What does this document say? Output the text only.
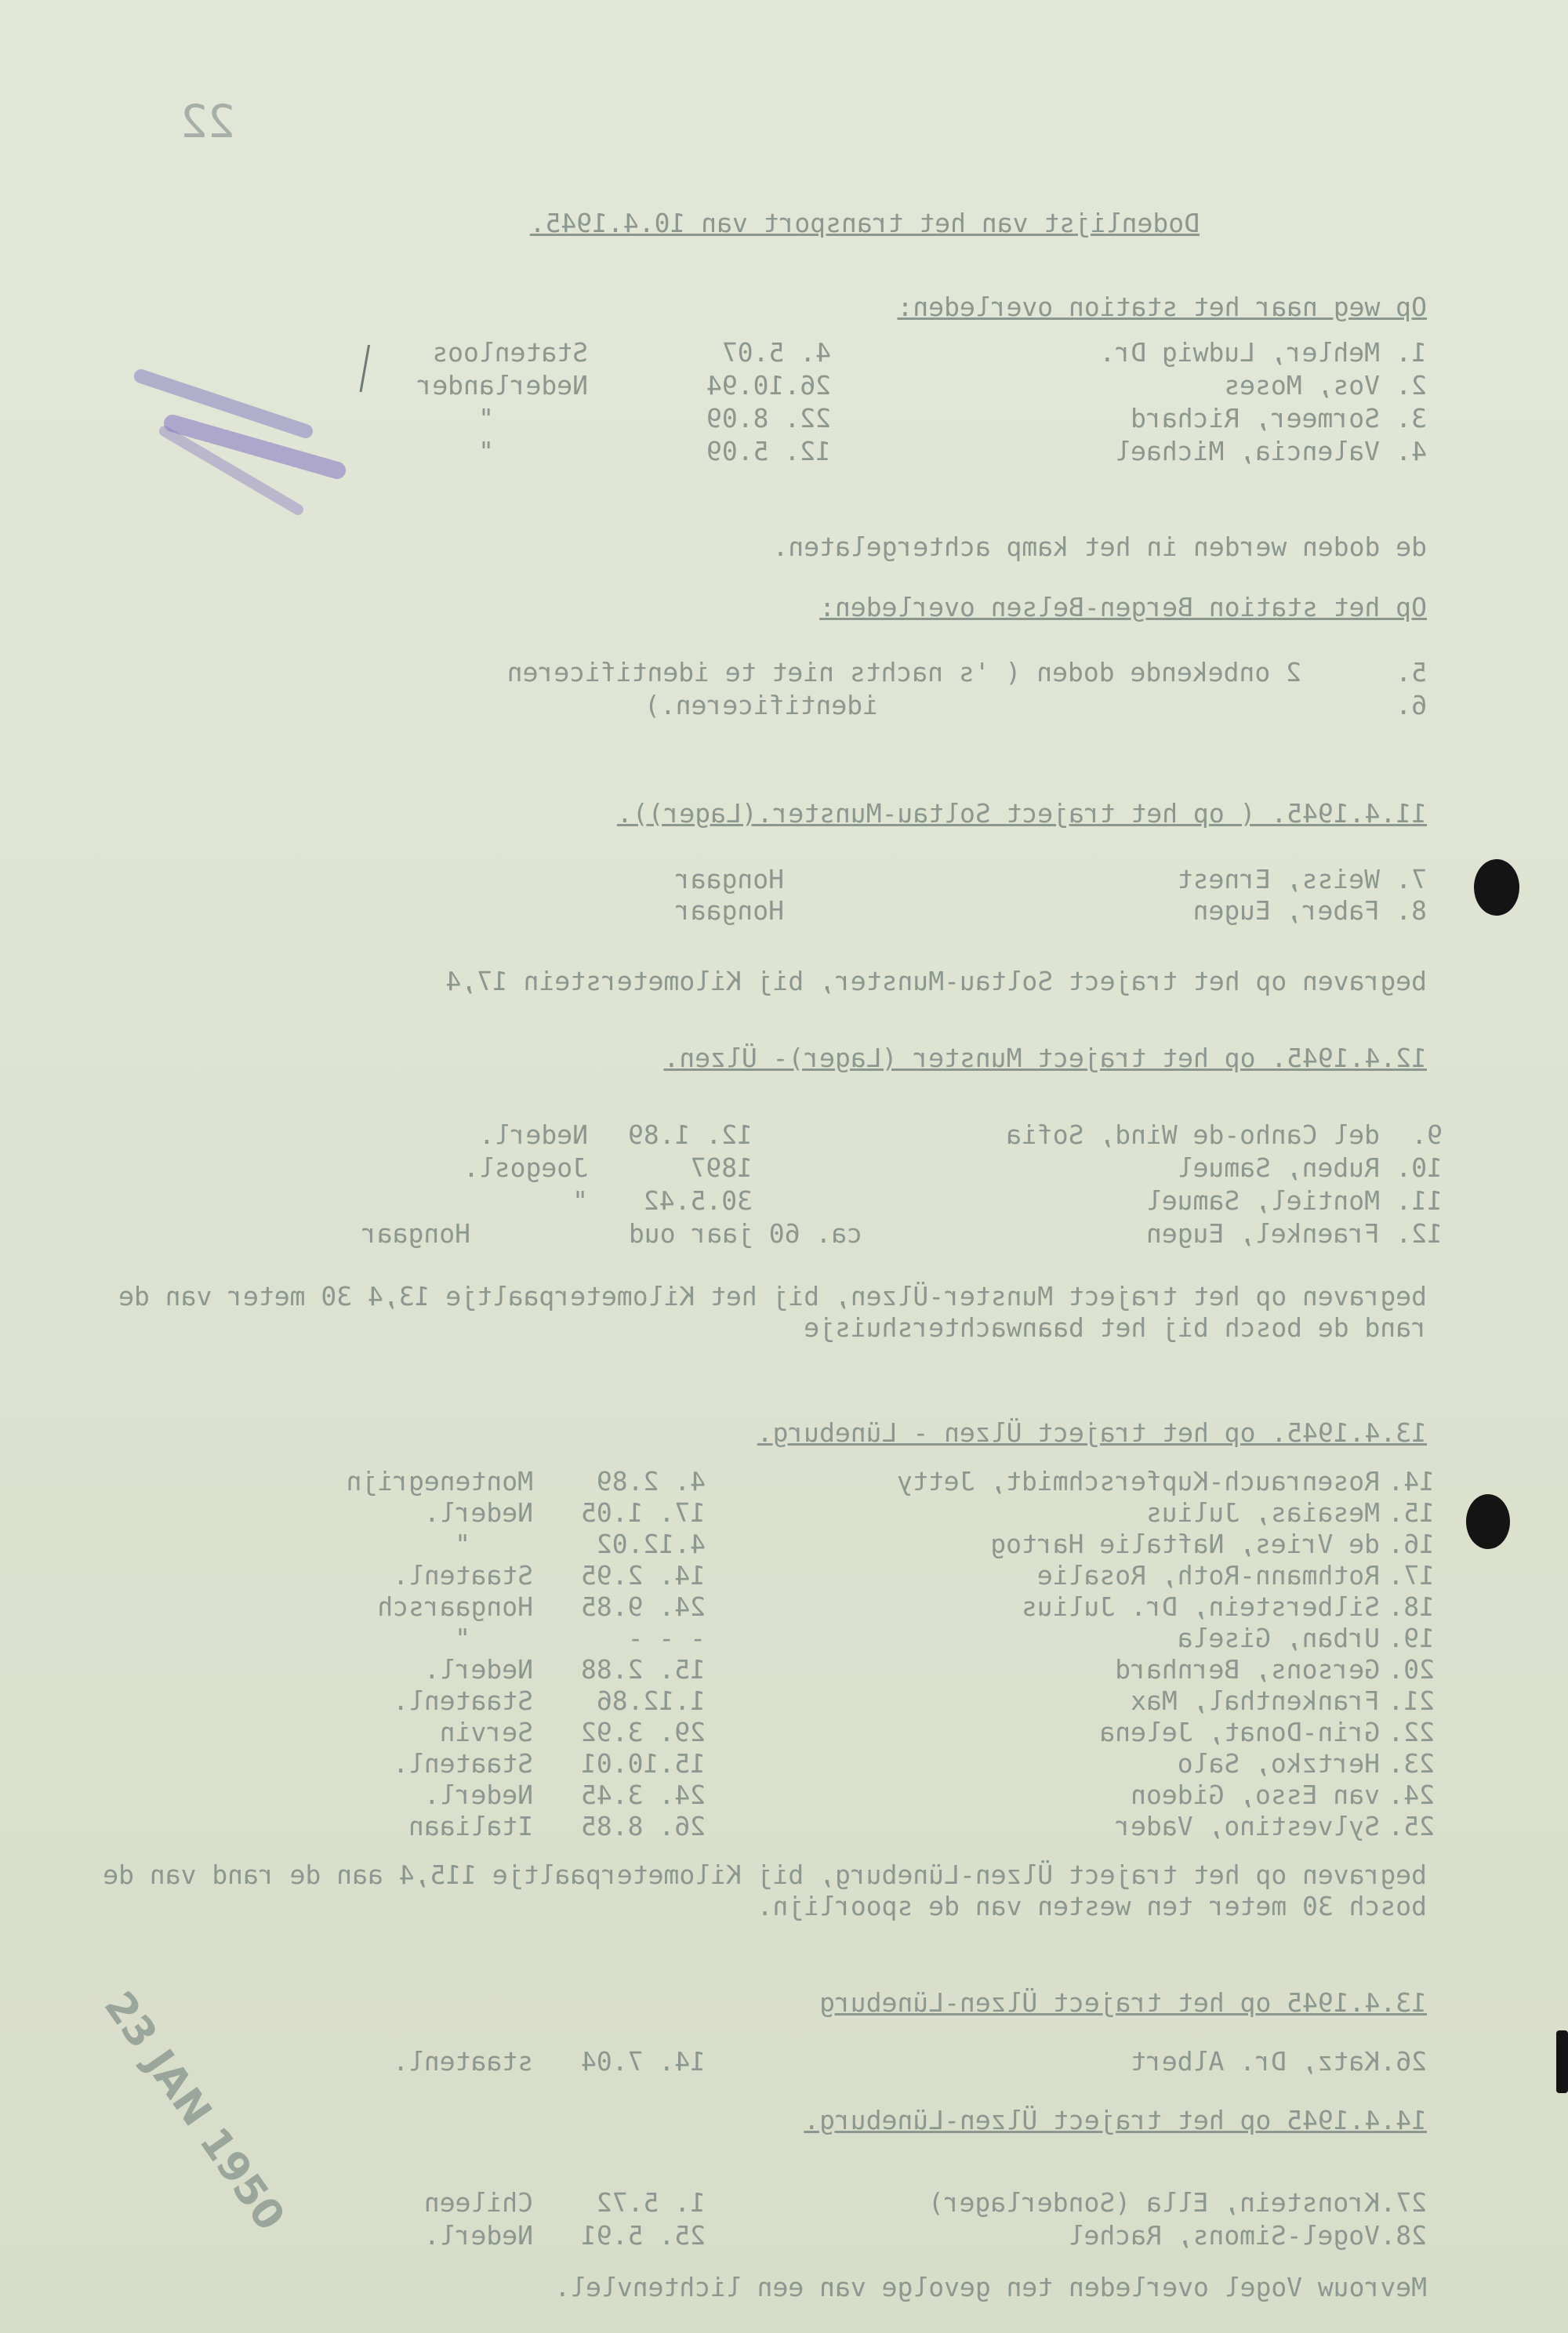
22
Dodenlijst van het transport van 10.4.1945.
Op weg naar het station overleden:
1.
Mehler, Ludwig Dr.
4. 5.07
Statenloos
2.
Vos, Moses
26.10.94
Nederlander
3.
Sormeer, Richard
22. 8.09
"
4.
Valencia, Michael
12. 5.09
"
de doden werden in het kamp achtergelaten.
Op het station Bergen-Belsen overleden:
5.
2 onbekende doden ( 's nachts niet te identificeren
6.
identificeren.)
11.4.1945. ( op het traject Soltau-Munster.(Lager)).
7.
Weiss, Ernest
Hongaar
8.
Faber, Eugen
Hongaar
begraven op het traject Soltau-Munster, bij Kilometerstein 17,4
12.4.1945. op het traject Munster (Lager)- Ülzen.
9.
del Canho-de Wind, Sofia
12. 1.89
Nederl.
10.
Ruben, Samuel
1897
Joegosl.
11.
Montiel, Samuel
30.5.42
"
12.
Fraenkel, Eugen
ca. 60 jaar oud
Hongaar
begraven op het traject Munster-Ülzen, bij het Kilometerpaaltje 13,4 30 meter van de rand de bosch bij het baanwachtershuisje
13.4.1945. op het traject Ülzen - Lüneburg.
14.
Rosenrauch-Kupferschmidt, Jetty
4. 2.89
Montenegrijn
15.
Mesaias, Julius
17. 1.05
Nederl.
16.
de Vries, Naftalie Hartog
4.12.02
"
17.
Rothmann-Roth, Rosalie
14. 2.95
Staatenl.
18.
Silberstein, Dr. Julius
24. 9.85
Hongaarsch
19.
Urban, Gisela
- - -
"
20.
Gersons, Bernhard
15. 2.88
Nederl.
21.
Frankenthal, Max
1.12.86
Staatenl.
22.
Grin-Donat, Jelena
29. 3.92
Servin
23.
Hertzko, Salo
15.10.01
Staatenl.
24.
van Esso, Gideon
24. 3.45
Nederl.
25.
Sylvestino, Vader
26. 8.85
Italiaan
begraven op het traject Ülzen-Lüneburg, bij Kilometerpaaltje 115,4 aan de rand van de bosch 30 meter ten westen van de spoorlijn.
13.4.1945 op het traject Ülzen-Lüneburg
26.
Katz, Dr. Albert
14. 7.04
staatenl.
14.4.1945 op het traject Ülzen-Lüneburg.
27.
Kronstein, Ella (Sonderlager)
1. 5.72
Chileen
28.
Vogel-Simons, Rachel
25. 5.91
Nederl.
Mevrouw Vogel overleden ten gevolge van een lichtenvlel.
23 JAN 1950
